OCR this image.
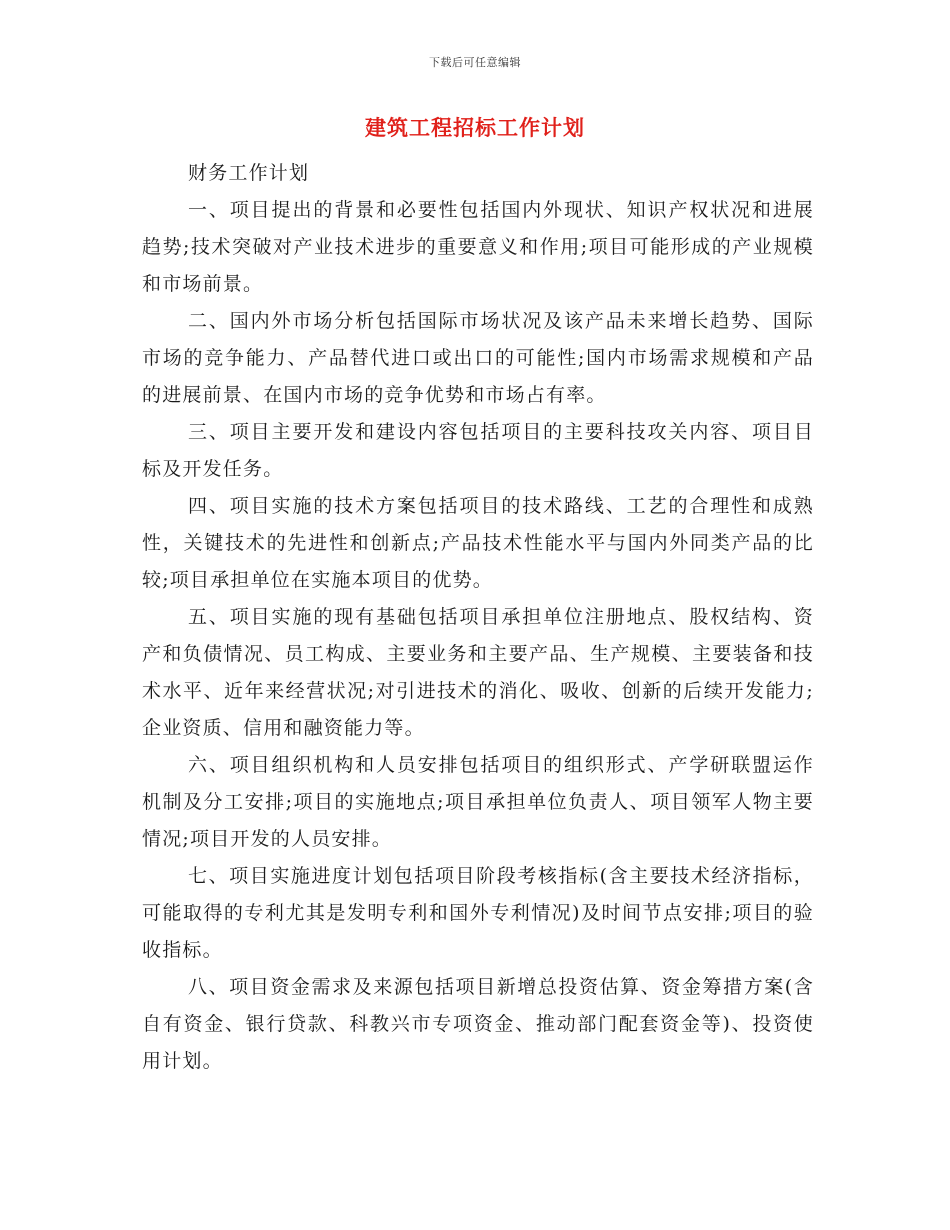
下载后可任意编辑
建筑工程招标工作计划

财务工作计划

一、项目提出的背景和必要性包括国内外现状、知识产权状况和进展趋势;技术突破对产业技术进步的重要意义和作用;项目可能形成的产业规模和市场前景。

二、国内外市场分析包括国际市场状况及该产品未来增长趋势、国际市场的竞争能力、产品替代进口或出口的可能性;国内市场需求规模和产品的进展前景、在国内市场的竞争优势和市场占有率。

三、项目主要开发和建设内容包括项目的主要科技攻关内容、项目目标及开发任务。

四、项目实施的技术方案包括项目的技术路线、工艺的合理性和成熟性，关键技术的先进性和创新点;产品技术性能水平与国内外同类产品的比较;项目承担单位在实施本项目的优势。

五、项目实施的现有基础包括项目承担单位注册地点、股权结构、资产和负债情况、员工构成、主要业务和主要产品、生产规模、主要装备和技术水平、近年来经营状况;对引进技术的消化、吸收、创新的后续开发能力;企业资质、信用和融资能力等。

六、项目组织机构和人员安排包括项目的组织形式、产学研联盟运作机制及分工安排;项目的实施地点;项目承担单位负责人、项目领军人物主要情况;项目开发的人员安排。

七、项目实施进度计划包括项目阶段考核指标(含主要技术经济指标，可能取得的专利尤其是发明专利和国外专利情况)及时间节点安排;项目的验收指标。

八、项目资金需求及来源包括项目新增总投资估算、资金筹措方案(含自有资金、银行贷款、科教兴市专项资金、推动部门配套资金等)、投资使用计划。
